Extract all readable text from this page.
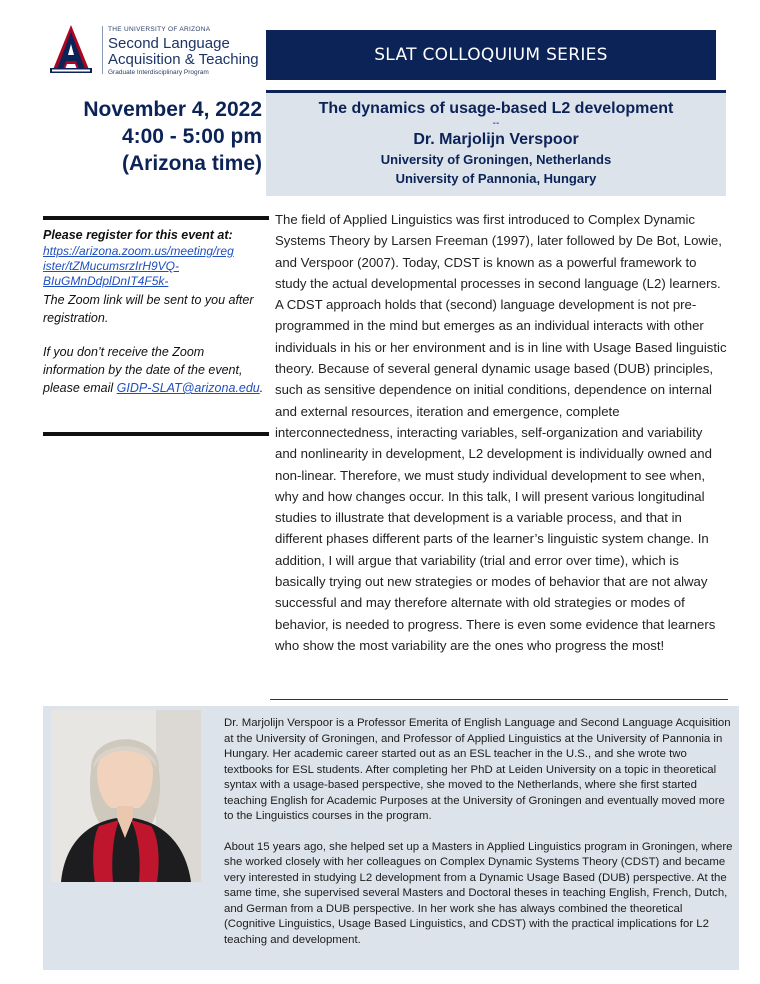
THE UNIVERSITY OF ARIZONA
Second Language
Acquisition & Teaching
Graduate Interdisciplinary Program
SLAT COLLOQUIUM SERIES
November 4, 2022
4:00 - 5:00 pm
(Arizona time)
The dynamics of usage-based L2 development
--
Dr. Marjolijn Verspoor
University of Groningen, Netherlands
University of Pannonia, Hungary
Please register for this event at:
https://arizona.zoom.us/meeting/reg
ister/tZMucumsrzIrH9VQ-
BIuGMnDdplDnIT4F5k-
The Zoom link will be sent to you after registration.
If you don’t receive the Zoom information by the date of the event, please email GIDP-SLAT@arizona.edu.
The field of Applied Linguistics was first introduced to Complex Dynamic Systems Theory by Larsen Freeman (1997), later followed by De Bot, Lowie, and Verspoor (2007). Today, CDST is known as a powerful framework to study the actual developmental processes in second language (L2) learners. A CDST approach holds that (second) language development is not pre-programmed in the mind but emerges as an individual interacts with other individuals in his or her environment and is in line with Usage Based linguistic theory. Because of several general dynamic usage based (DUB) principles, such as sensitive dependence on initial conditions, dependence on internal and external resources, iteration and emergence, complete interconnectedness, interacting variables, self-organization and variability and nonlinearity in development, L2 development is individually owned and non-linear. Therefore, we must study individual development to see when, why and how changes occur. In this talk, I will present various longitudinal studies to illustrate that development is a variable process, and that in different phases different parts of the learner’s linguistic system change. In addition, I will argue that variability (trial and error over time), which is basically trying out new strategies or modes of behavior that are not alway successful and may therefore alternate with old strategies or modes of behavior, is needed to progress. There is even some evidence that learners who show the most variability are the ones who progress the most!

Dr. Marjolijn Verspoor is a Professor Emerita of English Language and Second Language Acquisition at the University of Groningen, and Professor of Applied Linguistics at the University of Pannonia in Hungary. Her academic career started out as an ESL teacher in the U.S., and she wrote two textbooks for ESL students. After completing her PhD at Leiden University on a topic in theoretical syntax with a usage-based perspective, she moved to the Netherlands, where she first started teaching English for Academic Purposes at the University of Groningen and eventually moved more to the Linguistics courses in the program.

About 15 years ago, she helped set up a Masters in Applied Linguistics program in Groningen, where she worked closely with her colleagues on Complex Dynamic Systems Theory (CDST) and became very interested in studying L2 development from a Dynamic Usage Based (DUB) perspective. At the same time, she supervised several Masters and Doctoral theses in teaching English, French, Dutch, and German from a DUB perspective. In her work she has always combined the theoretical (Cognitive Linguistics, Usage Based Linguistics, and CDST) with the practical implications for L2 teaching and development.
